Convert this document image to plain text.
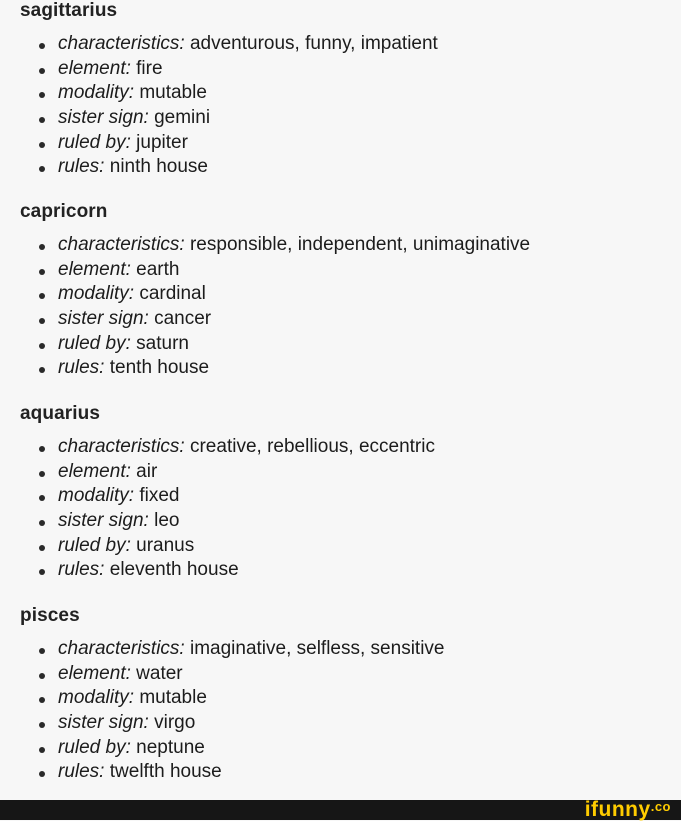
sagittarius
characteristics: adventurous, funny, impatient
element: fire
modality: mutable
sister sign: gemini
ruled by: jupiter
rules: ninth house
capricorn
characteristics: responsible, independent, unimaginative
element: earth
modality: cardinal
sister sign: cancer
ruled by: saturn
rules: tenth house
aquarius
characteristics: creative, rebellious, eccentric
element: air
modality: fixed
sister sign: leo
ruled by: uranus
rules: eleventh house
pisces
characteristics: imaginative, selfless, sensitive
element: water
modality: mutable
sister sign: virgo
ruled by: neptune
rules: twelfth house
ifunny$^{.co}$
